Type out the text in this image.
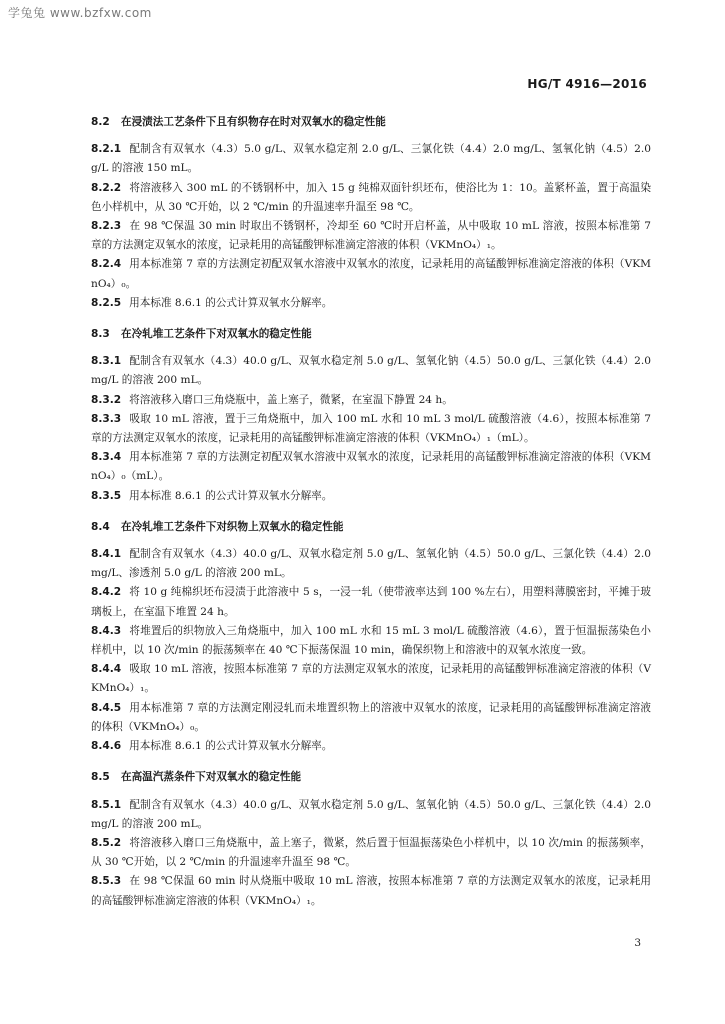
学兔兔 www.bzfxw.com
HG/T 4916—2016
8.2 在浸渍法工艺条件下且有织物存在时对双氧水的稳定性能
8.2.1 配制含有双氧水（4.3）5.0 g/L、双氧水稳定剂 2.0 g/L、三氯化铁（4.4）2.0 mg/L、氢氧化钠（4.5）2.0 g/L 的溶液 150 mL。
8.2.2 将溶液移入 300 mL 的不锈钢杯中，加入 15 g 纯棉双面针织坯布，使浴比为 1：10。盖紧杯盖，置于高温染色小样机中，从 30 ℃开始，以 2 ℃/min 的升温速率升温至 98 ℃。
8.2.3 在 98 ℃保温 30 min 时取出不锈钢杯，冷却至 60 ℃时开启杯盖，从中吸取 10 mL 溶液，按照本标准第 7 章的方法测定双氧水的浓度，记录耗用的高锰酸钾标准滴定溶液的体积（VKMnO₄）₁。
8.2.4 用本标准第 7 章的方法测定初配双氧水溶液中双氧水的浓度，记录耗用的高锰酸钾标准滴定溶液的体积（VKMnO₄）₀。
8.2.5 用本标准 8.6.1 的公式计算双氧水分解率。
8.3 在冷轧堆工艺条件下对双氧水的稳定性能
8.3.1 配制含有双氧水（4.3）40.0 g/L、双氧水稳定剂 5.0 g/L、氢氧化钠（4.5）50.0 g/L、三氯化铁（4.4）2.0 mg/L 的溶液 200 mL。
8.3.2 将溶液移入磨口三角烧瓶中，盖上塞子，微紧，在室温下静置 24 h。
8.3.3 吸取 10 mL 溶液，置于三角烧瓶中，加入 100 mL 水和 10 mL 3 mol/L 硫酸溶液（4.6），按照本标准第 7 章的方法测定双氧水的浓度，记录耗用的高锰酸钾标准滴定溶液的体积（VKMnO₄）₁（mL）。
8.3.4 用本标准第 7 章的方法测定初配双氧水溶液中双氧水的浓度，记录耗用的高锰酸钾标准滴定溶液的体积（VKMnO₄）₀（mL）。
8.3.5 用本标准 8.6.1 的公式计算双氧水分解率。
8.4 在冷轧堆工艺条件下对织物上双氧水的稳定性能
8.4.1 配制含有双氧水（4.3）40.0 g/L、双氧水稳定剂 5.0 g/L、氢氧化钠（4.5）50.0 g/L、三氯化铁（4.4）2.0 mg/L、渗透剂 5.0 g/L 的溶液 200 mL。
8.4.2 将 10 g 纯棉织坯布浸渍于此溶液中 5 s，一浸一轧（使带液率达到 100 %左右），用塑料薄膜密封，平摊于玻璃板上，在室温下堆置 24 h。
8.4.3 将堆置后的织物放入三角烧瓶中，加入 100 mL 水和 15 mL 3 mol/L 硫酸溶液（4.6），置于恒温振荡染色小样机中，以 10 次/min 的振荡频率在 40 ℃下振荡保温 10 min，确保织物上和溶液中的双氧水浓度一致。
8.4.4 吸取 10 mL 溶液，按照本标准第 7 章的方法测定双氧水的浓度，记录耗用的高锰酸钾标准滴定溶液的体积（VKMnO₄）₁。
8.4.5 用本标准第 7 章的方法测定刚浸轧而未堆置织物上的溶液中双氧水的浓度，记录耗用的高锰酸钾标准滴定溶液的体积（VKMnO₄）₀。
8.4.6 用本标准 8.6.1 的公式计算双氧水分解率。
8.5 在高温汽蒸条件下对双氧水的稳定性能
8.5.1 配制含有双氧水（4.3）40.0 g/L、双氧水稳定剂 5.0 g/L、氢氧化钠（4.5）50.0 g/L、三氯化铁（4.4）2.0 mg/L 的溶液 200 mL。
8.5.2 将溶液移入磨口三角烧瓶中，盖上塞子，微紧，然后置于恒温振荡染色小样机中，以 10 次/min 的振荡频率，从 30 ℃开始，以 2 ℃/min 的升温速率升温至 98 ℃。
8.5.3 在 98 ℃保温 60 min 时从烧瓶中吸取 10 mL 溶液，按照本标准第 7 章的方法测定双氧水的浓度，记录耗用的高锰酸钾标准滴定溶液的体积（VKMnO₄）₁。
3
